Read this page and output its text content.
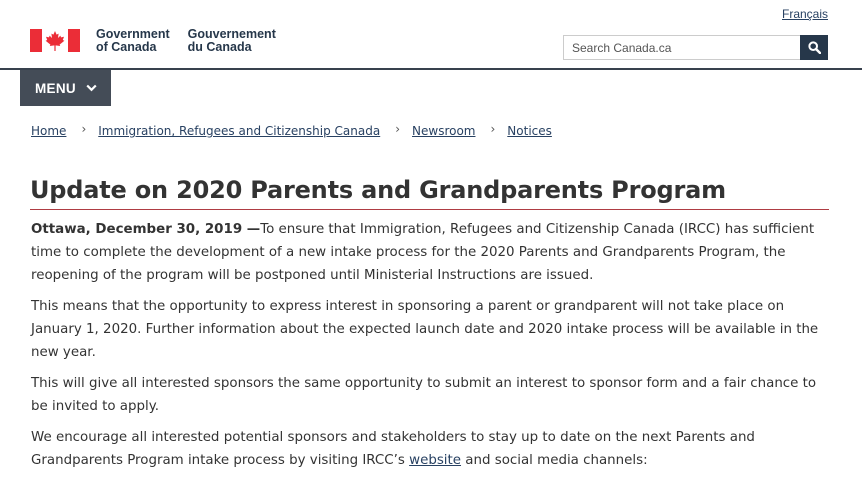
Français
Government
of Canada
Gouvernement
du Canada	Search Canada.ca
MENU
Home › Immigration, Refugees and Citizenship Canada › Newsroom › Notices
Update on 2020 Parents and Grandparents Program

Ottawa, December 30, 2019 —To ensure that Immigration, Refugees and Citizenship Canada (IRCC) has sufficient time to complete the development of a new intake process for the 2020 Parents and Grandparents Program, the reopening of the program will be postponed until Ministerial Instructions are issued.

This means that the opportunity to express interest in sponsoring a parent or grandparent will not take place on January 1, 2020. Further information about the expected launch date and 2020 intake process will be available in the new year.

This will give all interested sponsors the same opportunity to submit an interest to sponsor form and a fair chance to be invited to apply.

We encourage all interested potential sponsors and stakeholders to stay up to date on the next Parents and Grandparents Program intake process by visiting IRCC’s website and social media channels:
